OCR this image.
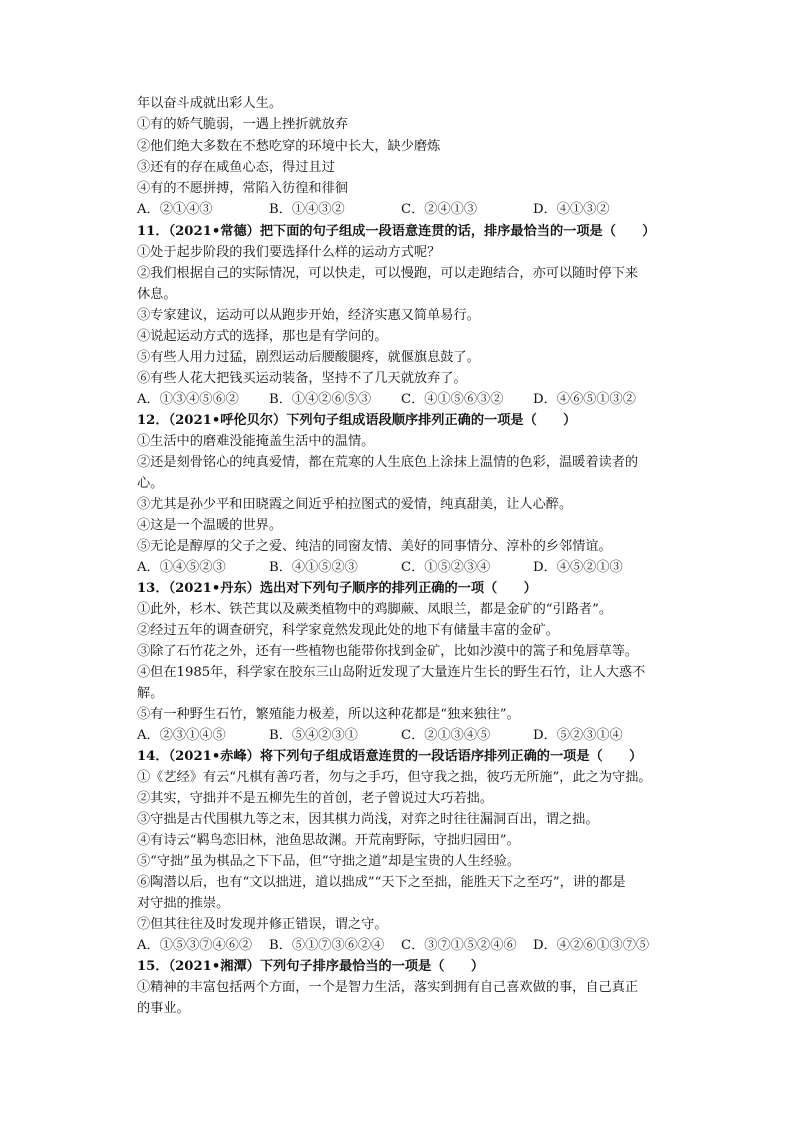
年以奋斗成就出彩人生。
①有的娇气脆弱，一遇上挫折就放弃
②他们绝大多数在不愁吃穿的环境中长大，缺少磨炼
③还有的存在咸鱼心态，得过且过
④有的不愿拼搏，常陷入彷徨和徘徊
A．②①④③	B．①④③②	C．②④①③	D．④①③②
11．（2021•常德）把下面的句子组成一段语意连贯的话，排序最恰当的一项是（　　）
①处于起步阶段的我们要选择什么样的运动方式呢？
②我们根据自己的实际情况，可以快走，可以慢跑，可以走跑结合，亦可以随时停下来
休息。
③专家建议，运动可以从跑步开始，经济实惠又简单易行。
④说起运动方式的选择，那也是有学问的。
⑤有些人用力过猛，剧烈运动后腰酸腿疼，就偃旗息鼓了。
⑥有些人花大把钱买运动装备，坚持不了几天就放弃了。
A．①③④⑤⑥② B．①④②⑥⑤③ C．④①⑤⑥③② D．④⑥⑤①③②
12．（2021•呼伦贝尔）下列句子组成语段顺序排列正确的一项是（　　）
①生活中的磨难没能掩盖生活中的温情。
②还是刻骨铭心的纯真爱情，都在荒寒的人生底色上涂抹上温情的色彩，温暖着读者的
心。
③尤其是孙少平和田晓霞之间近乎柏拉图式的爱情，纯真甜美，让人心醉。
④这是一个温暖的世界。
⑤无论是醇厚的父子之爱、纯洁的同窗友情、美好的同事情分、淳朴的乡邻情谊。
A．①④⑤②③	B．④①⑤②③	C．①⑤②③④	D．④⑤②①③
13．（2021•丹东）选出对下列句子顺序的排列正确的一项（　　）
①此外，杉木、铁芒萁以及蕨类植物中的鸡脚蕨、凤眼兰，都是金矿的“引路者”。
②经过五年的调查研究，科学家竟然发现此处的地下有储量丰富的金矿。
③除了石竹花之外，还有一些植物也能带你找到金矿，比如沙漠中的篙子和兔唇草等。
④但在1985年，科学家在胶东三山岛附近发现了大量连片生长的野生石竹，让人大惑不
解。
⑤有一种野生石竹，繁殖能力极差，所以这种花都是“独来独往”。
A．②③①④⑤	B．⑤④②③①	C．②①③④⑤	D．⑤②③①④
14．（2021•赤峰）将下列句子组成语意连贯的一段话语序排列正确的一项是（　　）
①《艺经》有云“凡棋有善巧者，勿与之手巧，但守我之拙，彼巧无所施”，此之为守拙。
②其实，守拙并不是五柳先生的首创，老子曾说过大巧若拙。
③守拙是古代围棋九等之末，因其棋力尚浅，对弈之时往往漏洞百出，谓之拙。
④有诗云“羁鸟恋旧林，池鱼思故渊。开荒南野际，守拙归园田”。
⑤“守拙”虽为棋品之下下品，但“守拙之道”却是宝贵的人生经验。
⑥陶潜以后，也有“文以拙进，道以拙成”“天下之至拙，能胜天下之至巧”，讲的都是
对守拙的推崇。
⑦但其往往及时发现并修正错误，谓之守。
A．①⑤③⑦④⑥② B．⑤①⑦③⑥②④ C．③⑦①⑤②④⑥ D．④②⑥①③⑦⑤
15．（2021•湘潭）下列句子排序最恰当的一项是（　　）
①精神的丰富包括两个方面，一个是智力生活，落实到拥有自己喜欢做的事，自己真正
的事业。
